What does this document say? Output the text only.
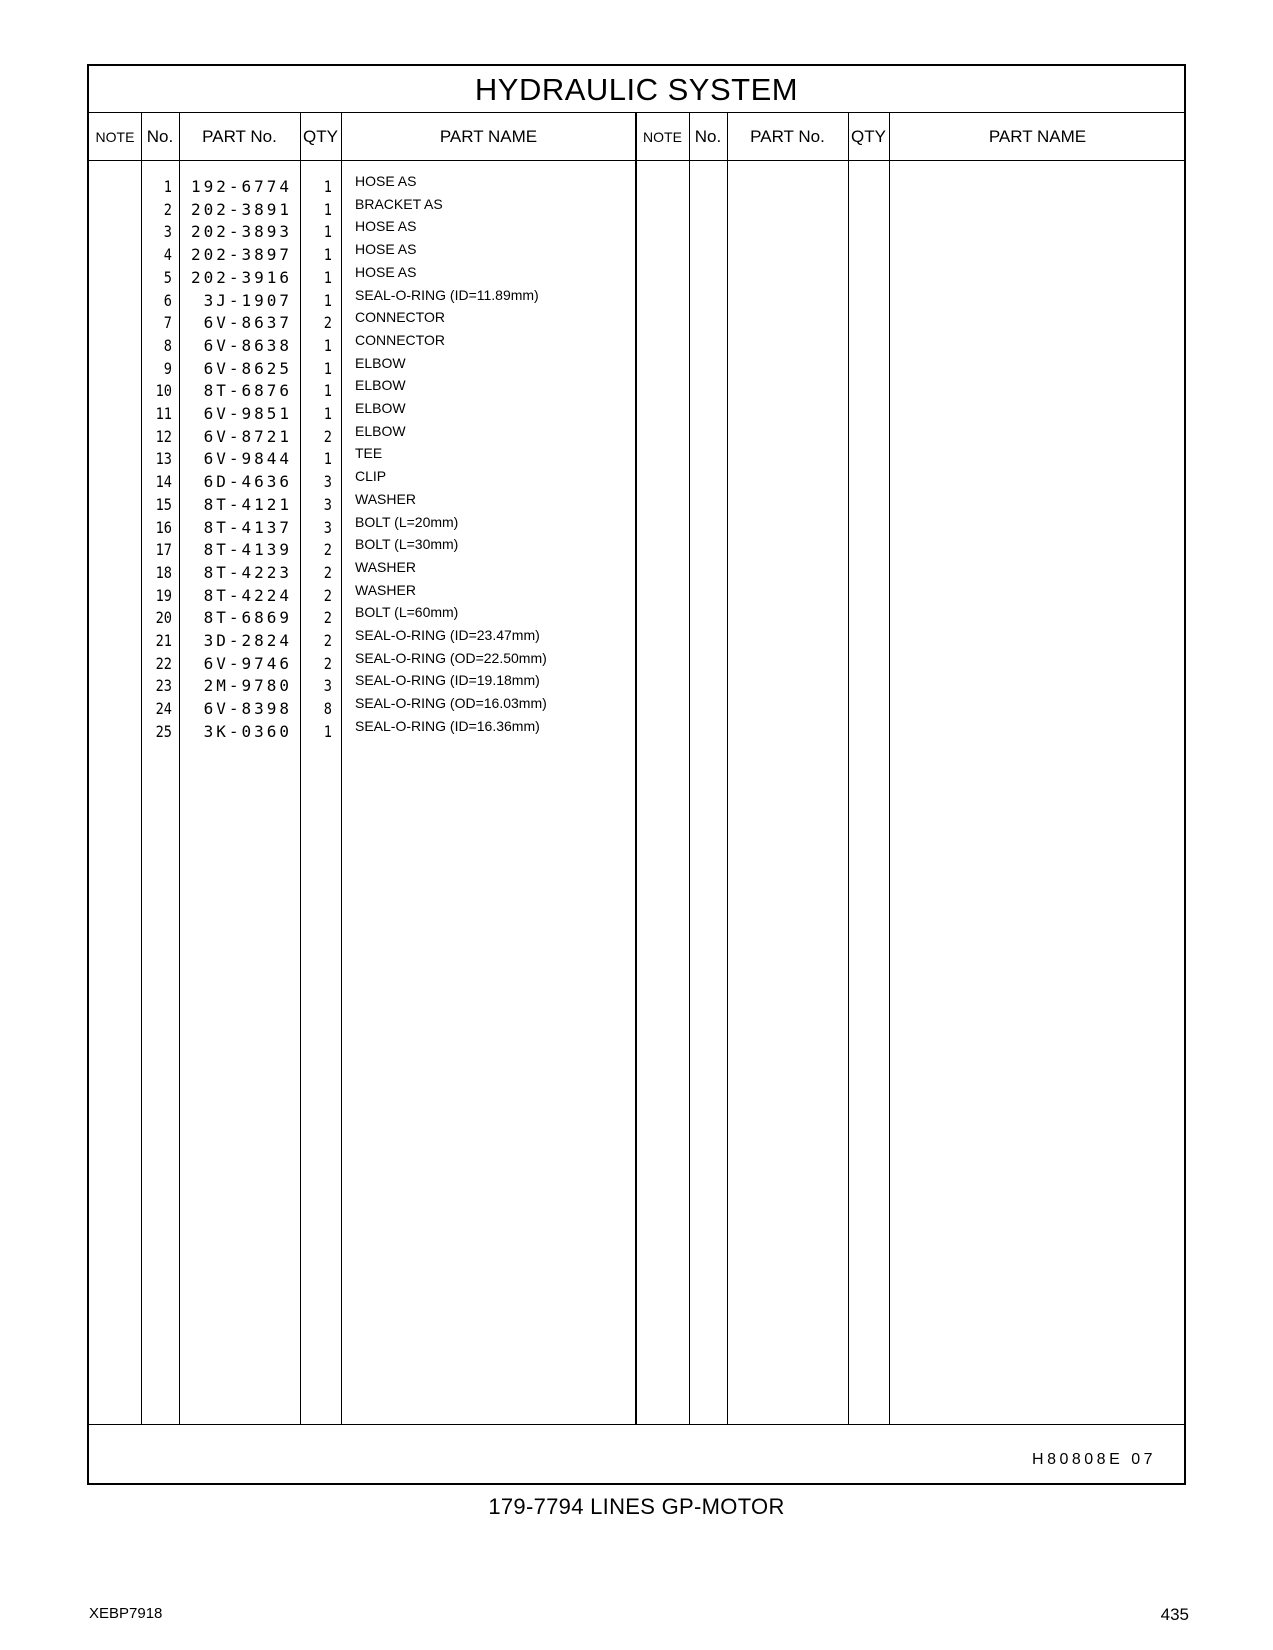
HYDRAULIC SYSTEM
NOTE No.	PART No.	QTY	PART NAME	NOTE No.	PART No.	QTY	PART NAME
1	192-6774	1 HOSE AS
2	202-3891	1 BRACKET AS
3	202-3893	1 HOSE AS
4	202-3897	1 HOSE AS
5	202-3916	1 HOSE AS
6	3J-1907	1 SEAL-O-RING (ID=11.89mm)
7	6V-8637	2 CONNECTOR
8	6V-8638	1 CONNECTOR
9	6V-8625	1 ELBOW
10	8T-6876	1 ELBOW
11	6V-9851	1 ELBOW
12	6V-8721	2 ELBOW
13	6V-9844	1 TEE
14	6D-4636	3 CLIP
15	8T-4121	3 WASHER
16	8T-4137	3 BOLT (L=20mm)
17	8T-4139	2 BOLT (L=30mm)
18	8T-4223	2 WASHER
19	8T-4224	2 WASHER
20	8T-6869	2 BOLT (L=60mm)
21	3D-2824	2 SEAL-O-RING (ID=23.47mm)
22	6V-9746	2 SEAL-O-RING (OD=22.50mm)
23	2M-9780	3 SEAL-O-RING (ID=19.18mm)
24	6V-8398	8 SEAL-O-RING (OD=16.03mm)
25	3K-0360	1 SEAL-O-RING (ID=16.36mm)
H80808E 07
179-7794 LINES GP-MOTOR
XEBP7918	435
